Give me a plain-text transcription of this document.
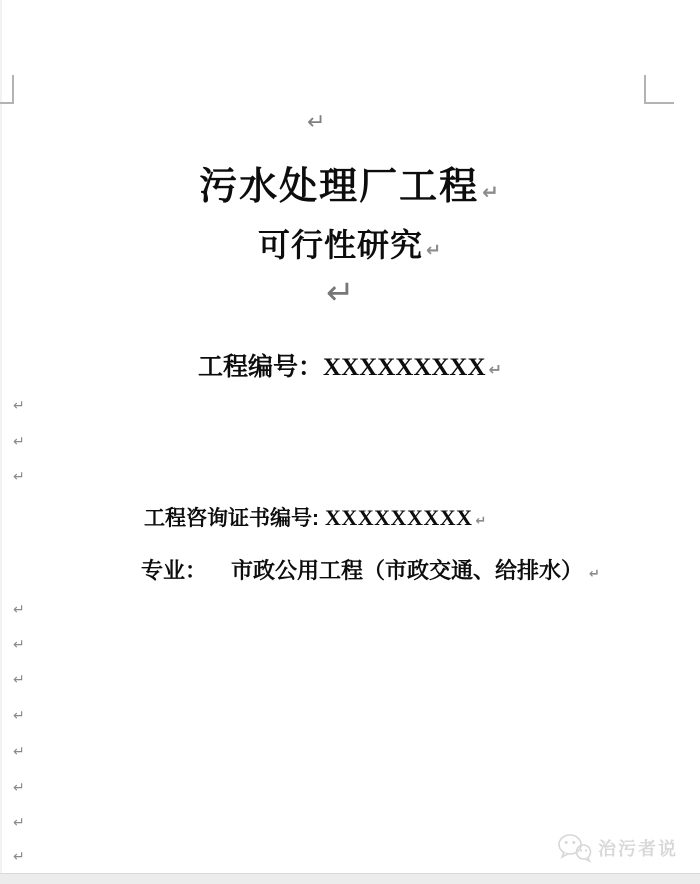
↵
↵
污水处理厂工程 ↵
可行性研究 ↵
工程编号：XXXXXXXXX ↵
工程咨询证书编号: XXXXXXXXX ↵
专业： 市政公用工程（市政交通、给排水） ↵
↵
↵
↵
↵
↵
↵
↵
↵
↵
↵
↵	治污者说
